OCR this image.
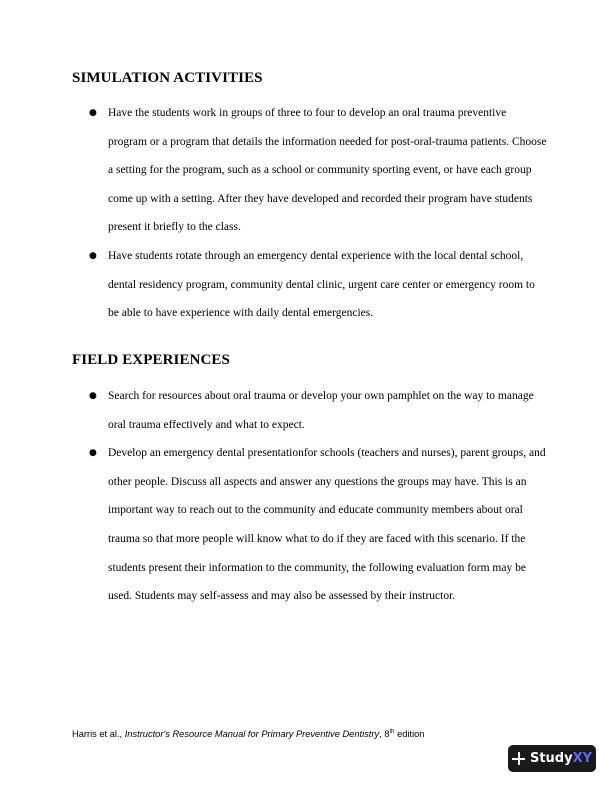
SIMULATION ACTIVITIES
● Have the students work in groups of three to four to develop an oral trauma preventive program or a program that details the information needed for post-oral-trauma patients. Choose a setting for the program, such as a school or community sporting event, or have each group come up with a setting. After they have developed and recorded their program have students present it briefly to the class.
● Have students rotate through an emergency dental experience with the local dental school, dental residency program, community dental clinic, urgent care center or emergency room to be able to have experience with daily dental emergencies.
FIELD EXPERIENCES
● Search for resources about oral trauma or develop your own pamphlet on the way to manage oral trauma effectively and what to expect.
● Develop an emergency dental presentationfor schools (teachers and nurses), parent groups, and other people. Discuss all aspects and answer any questions the groups may have. This is an important way to reach out to the community and educate community members about oral trauma so that more people will know what to do if they are faced with this scenario. If the students present their information to the community, the following evaluation form may be used. Students may self-assess and may also be assessed by their instructor.
Harris et al., Instructor's Resource Manual for Primary Preventive Dentistry, 8th edition
StudyXY
